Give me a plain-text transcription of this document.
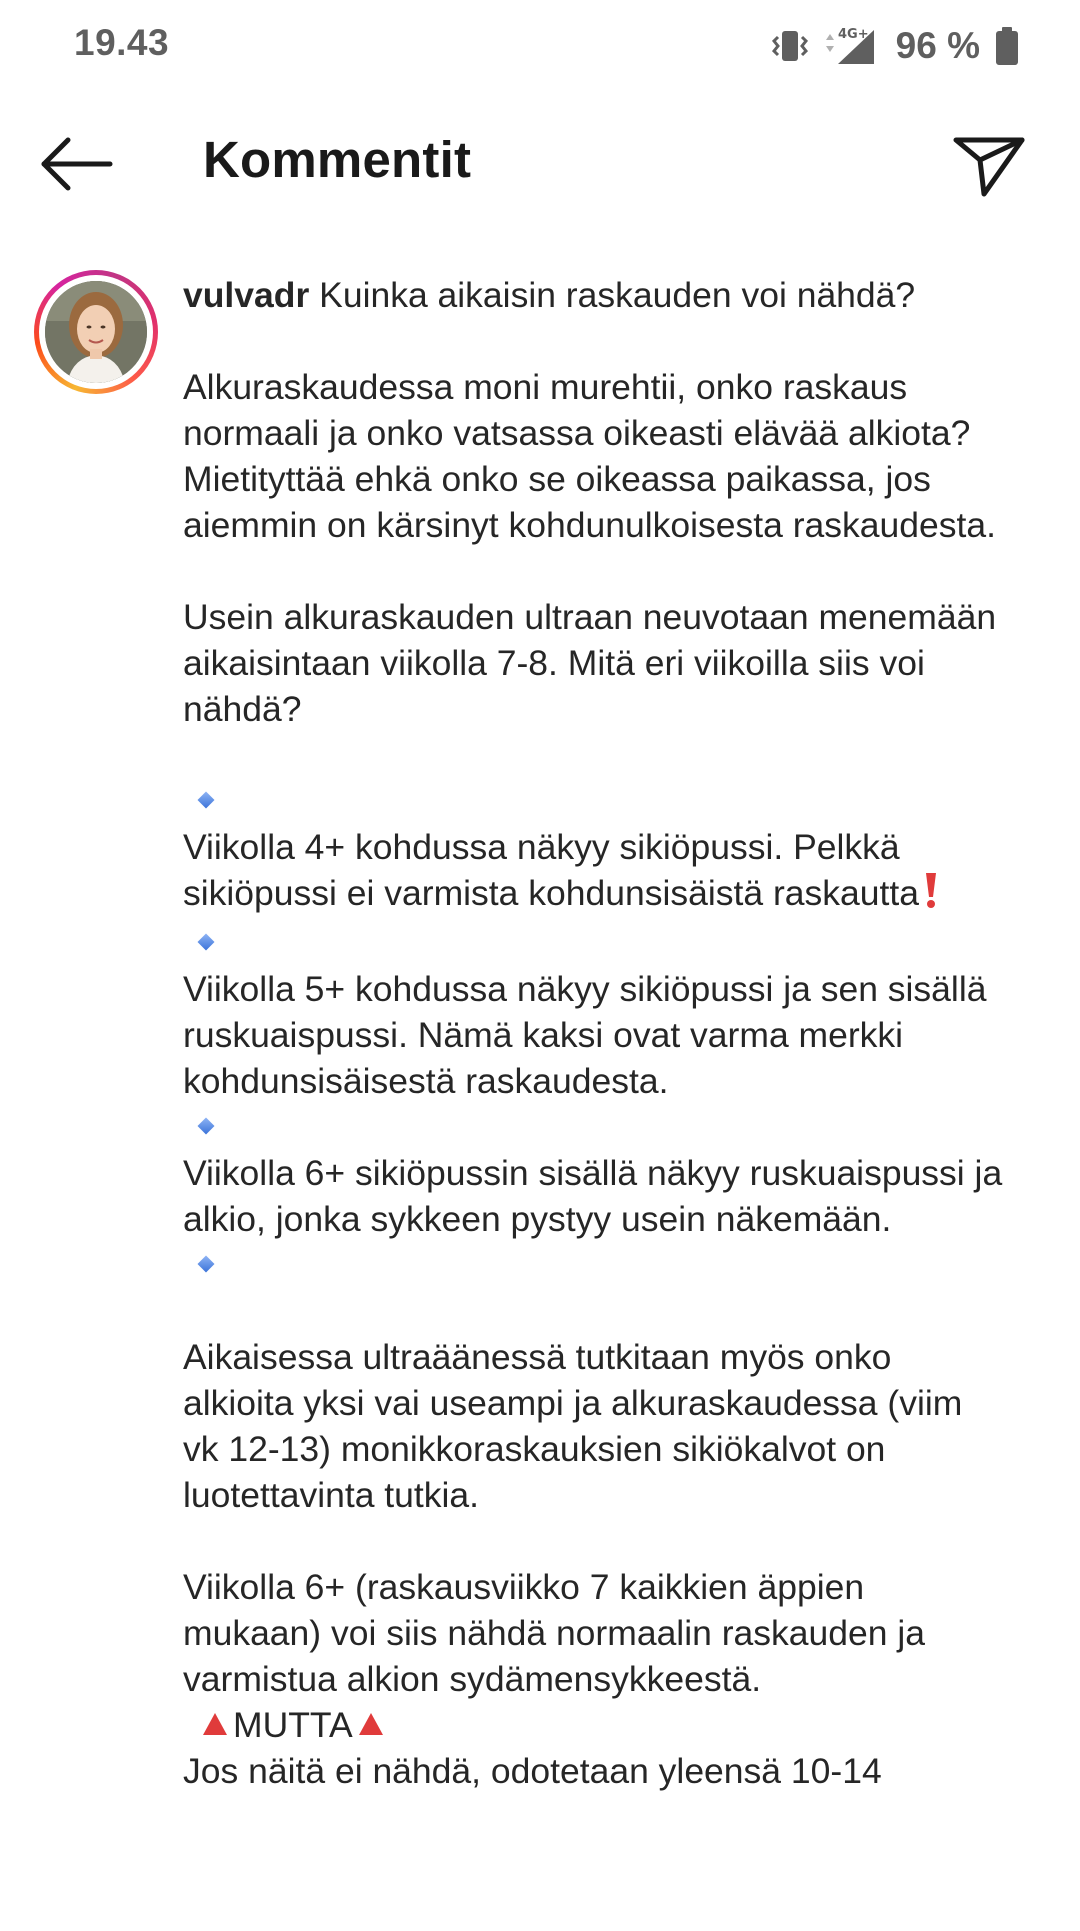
19.43	4G+ 96 %
Kommentit

vulvadr Kuinka aikaisin raskauden voi nähdä?

Alkuraskaudessa moni murehtii, onko raskaus normaali ja onko vatsassa oikeasti elävää alkiota? Mietityttää ehkä onko se oikeassa paikassa, jos aiemmin on kärsinyt kohdunulkoisesta raskaudesta.

Usein alkuraskauden ultraan neuvotaan menemään aikaisintaan viikolla 7-8. Mitä eri viikoilla siis voi nähdä?

Viikolla 4+ kohdussa näkyy sikiöpussi. Pelkkä sikiöpussi ei varmista kohdunsisäistä raskautta

Viikolla 5+ kohdussa näkyy sikiöpussi ja sen sisällä ruskuaispussi. Nämä kaksi ovat varma merkki kohdunsisäisestä raskaudesta.

Viikolla 6+ sikiöpussin sisällä näkyy ruskuaispussi ja alkio, jonka sykkeen pystyy usein näkemään.

Aikaisessa ultraäänessä tutkitaan myös onko alkioita yksi vai useampi ja alkuraskaudessa (viim vk 12-13) monikkoraskauksien sikiökalvot on luotettavinta tutkia.

Viikolla 6+ (raskausviikko 7 kaikkien äppien mukaan) voi siis nähdä normaalin raskauden ja varmistua alkion sydämensykkeestä.

MUTTA

Jos näitä ei nähdä, odotetaan yleensä 10-14
